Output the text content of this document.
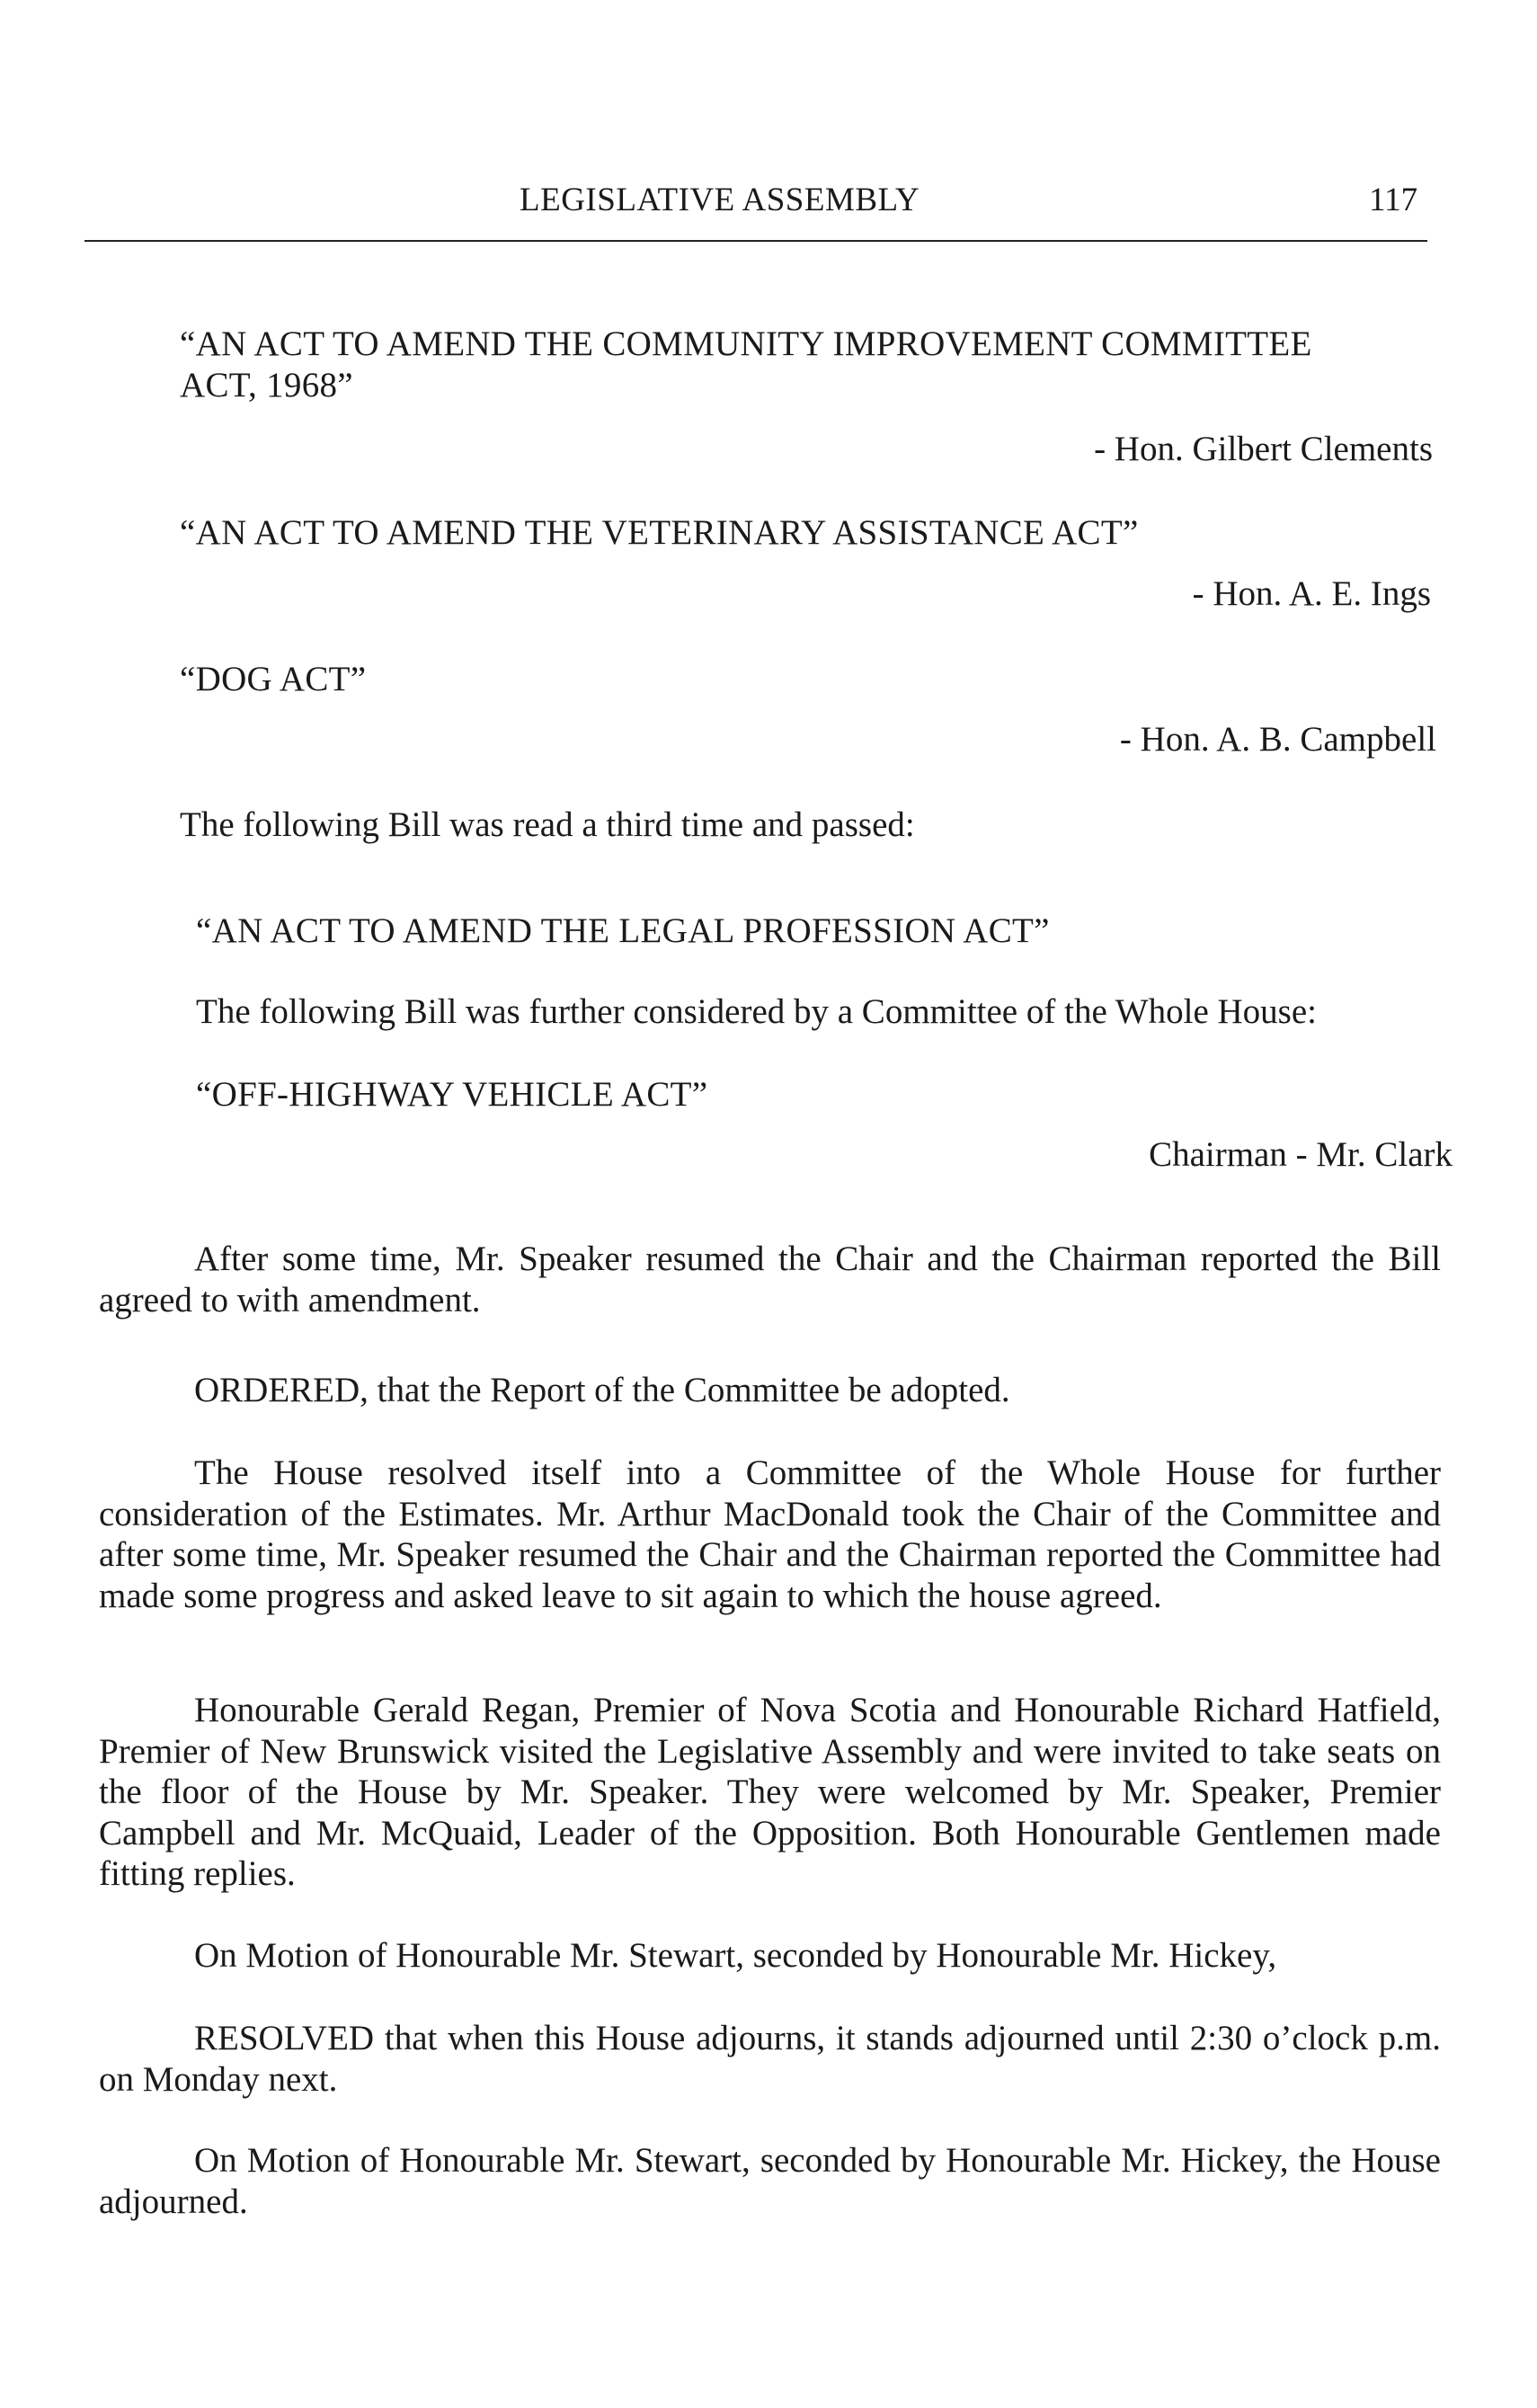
LEGISLATIVE ASSEMBLY	117
“AN ACT TO AMEND THE COMMUNITY IMPROVEMENT COMMITTEE
ACT, 1968”
- Hon. Gilbert Clements
“AN ACT TO AMEND THE VETERINARY ASSISTANCE ACT”
- Hon. A. E. Ings
“DOG ACT”
- Hon. A. B. Campbell
The following Bill was read a third time and passed:
“AN ACT TO AMEND THE LEGAL PROFESSION ACT”
The following Bill was further considered by a Committee of the Whole House:
“OFF-HIGHWAY VEHICLE ACT”
Chairman - Mr. Clark

After some time, Mr. Speaker resumed the Chair and the Chairman reported the Bill agreed to with amendment.

ORDERED, that the Report of the Committee be adopted.

The House resolved itself into a Committee of the Whole House for further consideration of the Estimates. Mr. Arthur MacDonald took the Chair of the Committee and after some time, Mr. Speaker resumed the Chair and the Chairman reported the Committee had made some progress and asked leave to sit again to which the house agreed.

Honourable Gerald Regan, Premier of Nova Scotia and Honourable Richard Hatfield, Premier of New Brunswick visited the Legislative Assembly and were invited to take seats on the floor of the House by Mr. Speaker. They were welcomed by Mr. Speaker, Premier Campbell and Mr. McQuaid, Leader of the Opposition. Both Honourable Gentlemen made fitting replies.

On Motion of Honourable Mr. Stewart, seconded by Honourable Mr. Hickey,

RESOLVED that when this House adjourns, it stands adjourned until 2:30 o’clock p.m. on Monday next.

On Motion of Honourable Mr. Stewart, seconded by Honourable Mr. Hickey, the House adjourned.
